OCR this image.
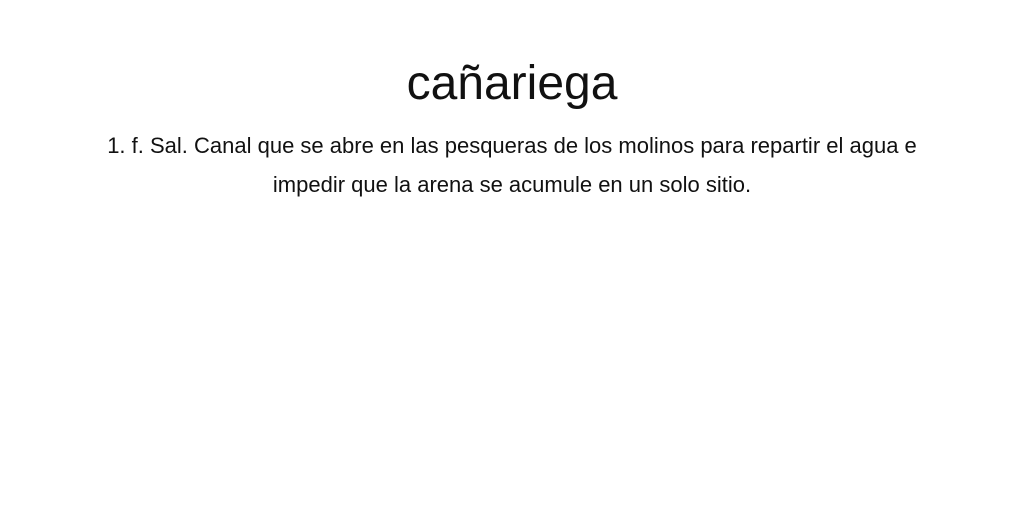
cañariega

1. f. Sal. Canal que se abre en las pesqueras de los molinos para repartir el agua e impedir que la arena se acumule en un solo sitio.
